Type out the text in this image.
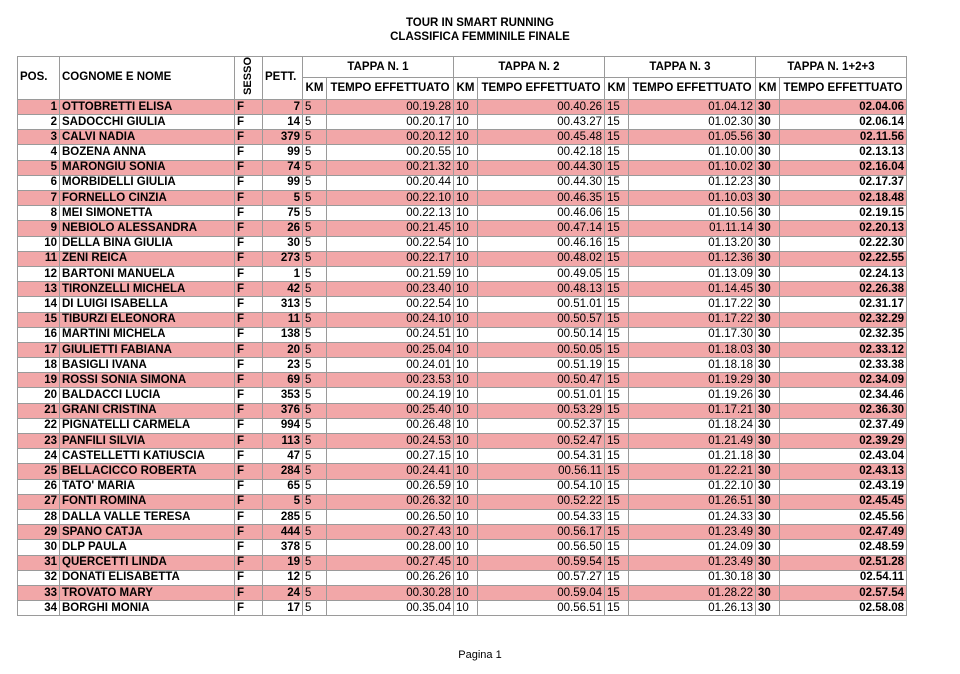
TOUR IN SMART RUNNING
CLASSIFICA FEMMINILE FINALE
POS.	COGNOME E NOME	SESSO	PETT.	TAPPA N. 1		TAPPA N. 2		TAPPA N. 3		TAPPA N. 1+2+3	
				KM	TEMPO EFFETTUATO	KM	TEMPO EFFETTUATO	KM	TEMPO EFFETTUATO	KM	TEMPO EFFETTUATO
1	OTTOBRETTI ELISA	F	7	5	00.19.28	10	00.40.26	15	01.04.12	30	02.04.06
2	SADOCCHI GIULIA	F	14	5	00.20.17	10	00.43.27	15	01.02.30	30	02.06.14
3	CALVI NADIA	F	379	5	00.20.12	10	00.45.48	15	01.05.56	30	02.11.56
4	BOZENA ANNA	F	99	5	00.20.55	10	00.42.18	15	01.10.00	30	02.13.13
5	MARONGIU SONIA	F	74	5	00.21.32	10	00.44.30	15	01.10.02	30	02.16.04
6	MORBIDELLI GIULIA	F	99	5	00.20.44	10	00.44.30	15	01.12.23	30	02.17.37
7	FORNELLO CINZIA	F	5	5	00.22.10	10	00.46.35	15	01.10.03	30	02.18.48
8	MEI SIMONETTA	F	75	5	00.22.13	10	00.46.06	15	01.10.56	30	02.19.15
9	NEBIOLO ALESSANDRA	F	26	5	00.21.45	10	00.47.14	15	01.11.14	30	02.20.13
10	DELLA BINA GIULIA	F	30	5	00.22.54	10	00.46.16	15	01.13.20	30	02.22.30
11	ZENI REICA	F	273	5	00.22.17	10	00.48.02	15	01.12.36	30	02.22.55
12	BARTONI MANUELA	F	1	5	00.21.59	10	00.49.05	15	01.13.09	30	02.24.13
13	TIRONZELLI MICHELA	F	42	5	00.23.40	10	00.48.13	15	01.14.45	30	02.26.38
14	DI LUIGI ISABELLA	F	313	5	00.22.54	10	00.51.01	15	01.17.22	30	02.31.17
15	TIBURZI ELEONORA	F	11	5	00.24.10	10	00.50.57	15	01.17.22	30	02.32.29
16	MARTINI MICHELA	F	138	5	00.24.51	10	00.50.14	15	01.17.30	30	02.32.35
17	GIULIETTI FABIANA	F	20	5	00.25.04	10	00.50.05	15	01.18.03	30	02.33.12
18	BASIGLI IVANA	F	23	5	00.24.01	10	00.51.19	15	01.18.18	30	02.33.38
19	ROSSI SONIA SIMONA	F	69	5	00.23.53	10	00.50.47	15	01.19.29	30	02.34.09
20	BALDACCI LUCIA	F	353	5	00.24.19	10	00.51.01	15	01.19.26	30	02.34.46
21	GRANI CRISTINA	F	376	5	00.25.40	10	00.53.29	15	01.17.21	30	02.36.30
22	PIGNATELLI CARMELA	F	994	5	00.26.48	10	00.52.37	15	01.18.24	30	02.37.49
23	PANFILI SILVIA	F	113	5	00.24.53	10	00.52.47	15	01.21.49	30	02.39.29
24	CASTELLETTI KATIUSCIA	F	47	5	00.27.15	10	00.54.31	15	01.21.18	30	02.43.04
25	BELLACICCO ROBERTA	F	284	5	00.24.41	10	00.56.11	15	01.22.21	30	02.43.13
26	TATO' MARIA	F	65	5	00.26.59	10	00.54.10	15	01.22.10	30	02.43.19
27	FONTI ROMINA	F	5	5	00.26.32	10	00.52.22	15	01.26.51	30	02.45.45
28	DALLA VALLE TERESA	F	285	5	00.26.50	10	00.54.33	15	01.24.33	30	02.45.56
29	SPANO CATJA	F	444	5	00.27.43	10	00.56.17	15	01.23.49	30	02.47.49
30	DLP PAULA	F	378	5	00.28.00	10	00.56.50	15	01.24.09	30	02.48.59
31	QUERCETTI LINDA	F	19	5	00.27.45	10	00.59.54	15	01.23.49	30	02.51.28
32	DONATI ELISABETTA	F	12	5	00.26.26	10	00.57.27	15	01.30.18	30	02.54.11
33	TROVATO MARY	F	24	5	00.30.28	10	00.59.04	15	01.28.22	30	02.57.54
34	BORGHI MONIA	F	17	5	00.35.04	10	00.56.51	15	01.26.13	30	02.58.08
Pagina 1
